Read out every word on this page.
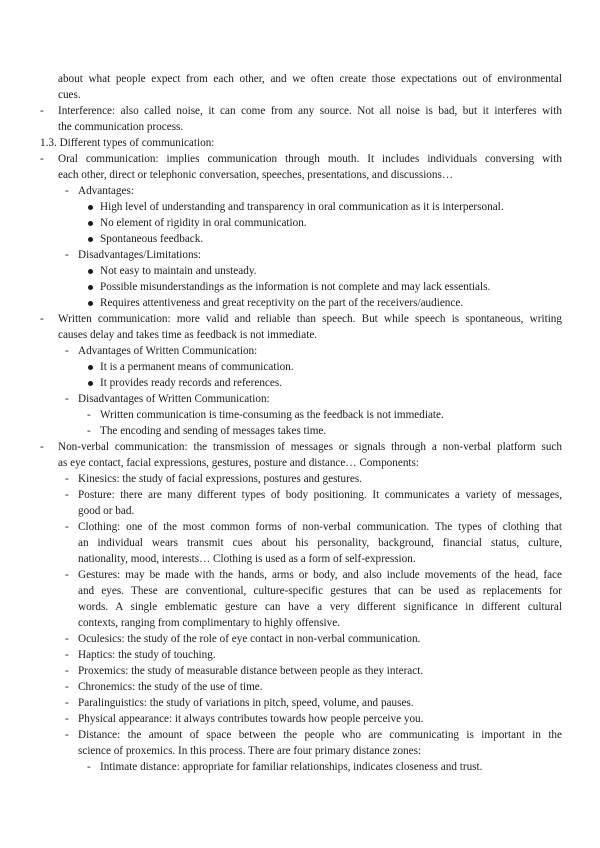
about what people expect from each other, and we often create those expectations out of environmental
cues.
- Interference: also called noise, it can come from any source. Not all noise is bad, but it interferes with
the communication process.
1.3. Different types of communication:
- Oral communication: implies communication through mouth. It includes individuals conversing with
each other, direct or telephonic conversation, speeches, presentations, and discussions…
- Advantages:
High level of understanding and transparency in oral communication as it is interpersonal.
No element of rigidity in oral communication.
Spontaneous feedback.
- Disadvantages/Limitations:
Not easy to maintain and unsteady.
Possible misunderstandings as the information is not complete and may lack essentials.
Requires attentiveness and great receptivity on the part of the receivers/audience.
- Written communication: more valid and reliable than speech. But while speech is spontaneous, writing
causes delay and takes time as feedback is not immediate.
- Advantages of Written Communication:
It is a permanent means of communication.
It provides ready records and references.
- Disadvantages of Written Communication:
- Written communication is time-consuming as the feedback is not immediate.
- The encoding and sending of messages takes time.
- Non-verbal communication: the transmission of messages or signals through a non-verbal platform such
as eye contact, facial expressions, gestures, posture and distance… Components:
- Kinesics: the study of facial expressions, postures and gestures.
- Posture: there are many different types of body positioning. It communicates a variety of messages,
good or bad.
- Clothing: one of the most common forms of non-verbal communication. The types of clothing that
an individual wears transmit cues about his personality, background, financial status, culture,
nationality, mood, interests… Clothing is used as a form of self-expression.
- Gestures: may be made with the hands, arms or body, and also include movements of the head, face
and eyes. These are conventional, culture-specific gestures that can be used as replacements for
words. A single emblematic gesture can have a very different significance in different cultural
contexts, ranging from complimentary to highly offensive.
- Oculesics: the study of the role of eye contact in non-verbal communication.
- Haptics: the study of touching.
- Proxemics: the study of measurable distance between people as they interact.
- Chronemics: the study of the use of time.
- Paralinguistics: the study of variations in pitch, speed, volume, and pauses.
- Physical appearance: it always contributes towards how people perceive you.
- Distance: the amount of space between the people who are communicating is important in the
science of proxemics. In this process. There are four primary distance zones:
- Intimate distance: appropriate for familiar relationships, indicates closeness and trust.
